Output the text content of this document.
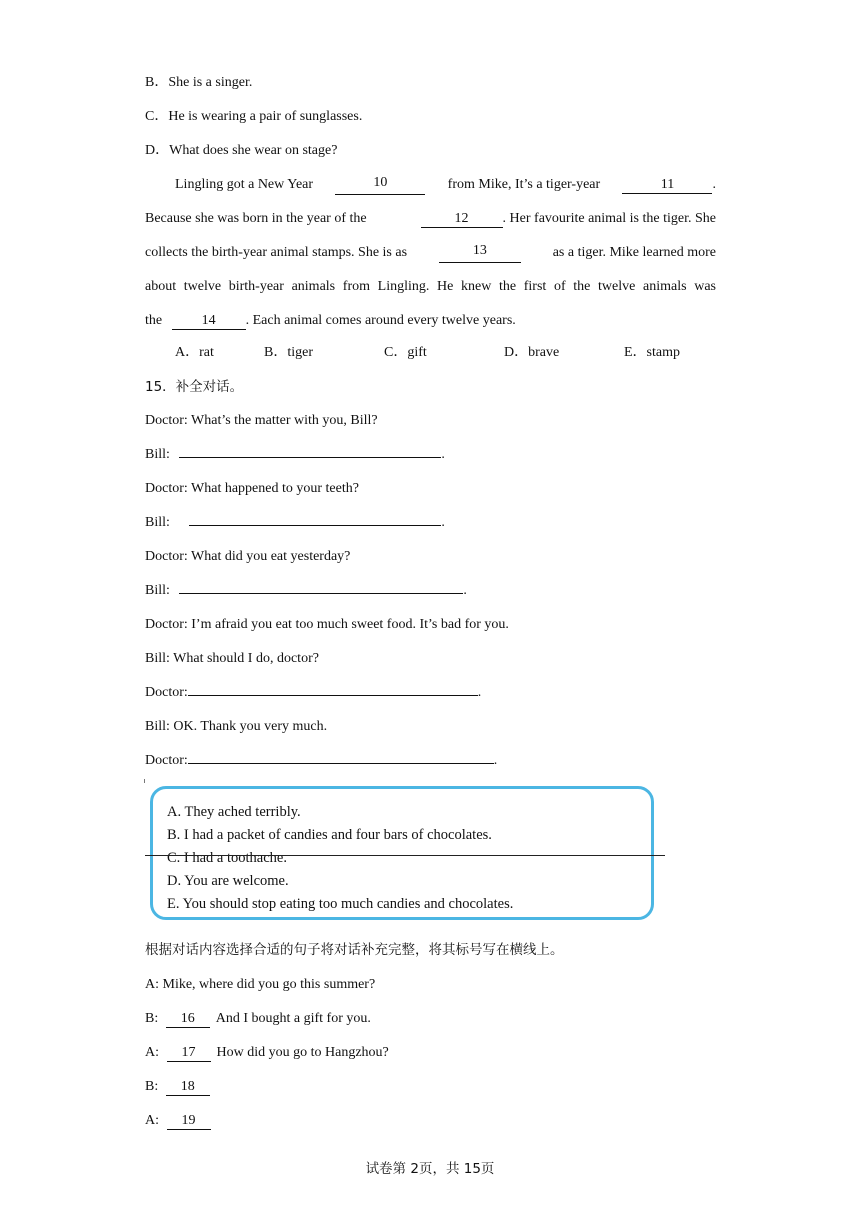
B．She is a singer.
C．He is wearing a pair of sunglasses.
D．What does she wear on stage?
Lingling got a New Year	10	from Mike, It’s a tiger-year	11	.
Because she was born in the year of the	12 . Her favourite animal is the tiger. She
collects the birth-year animal stamps. She is as	13	as a tiger. Mike learned more
about twelve birth-year animals from Lingling. He knew the first of the twelve animals was
the	14 . Each animal comes around every twelve years.
A．rat	B．tiger	C．gift	D．brave	E．stamp
15．补全对话。
Doctor: What’s the matter with you, Bill?
Bill:	.
Doctor: What happened to your teeth?
Bill:	.
Doctor: What did you eat yesterday?
Bill:	.
Doctor: I’m afraid you eat too much sweet food. It’s bad for you.
Bill: What should I do, doctor?
Doctor:	.
Bill: OK. Thank you very much.
Doctor:	.
A. They ached terribly.
B. I had a packet of candies and four bars of chocolates.
C. I had a toothache.
D. You are welcome.
E. You should stop eating too much candies and chocolates.
根据对话内容选择合适的句子将对话补充完整，将其标号写在横线上。
A: Mike, where did you go this summer?
B: 16 And I bought a gift for you.
A: 17 How did you go to Hangzhou?
B: 18
A: 19
试卷第 2页，共 15页
